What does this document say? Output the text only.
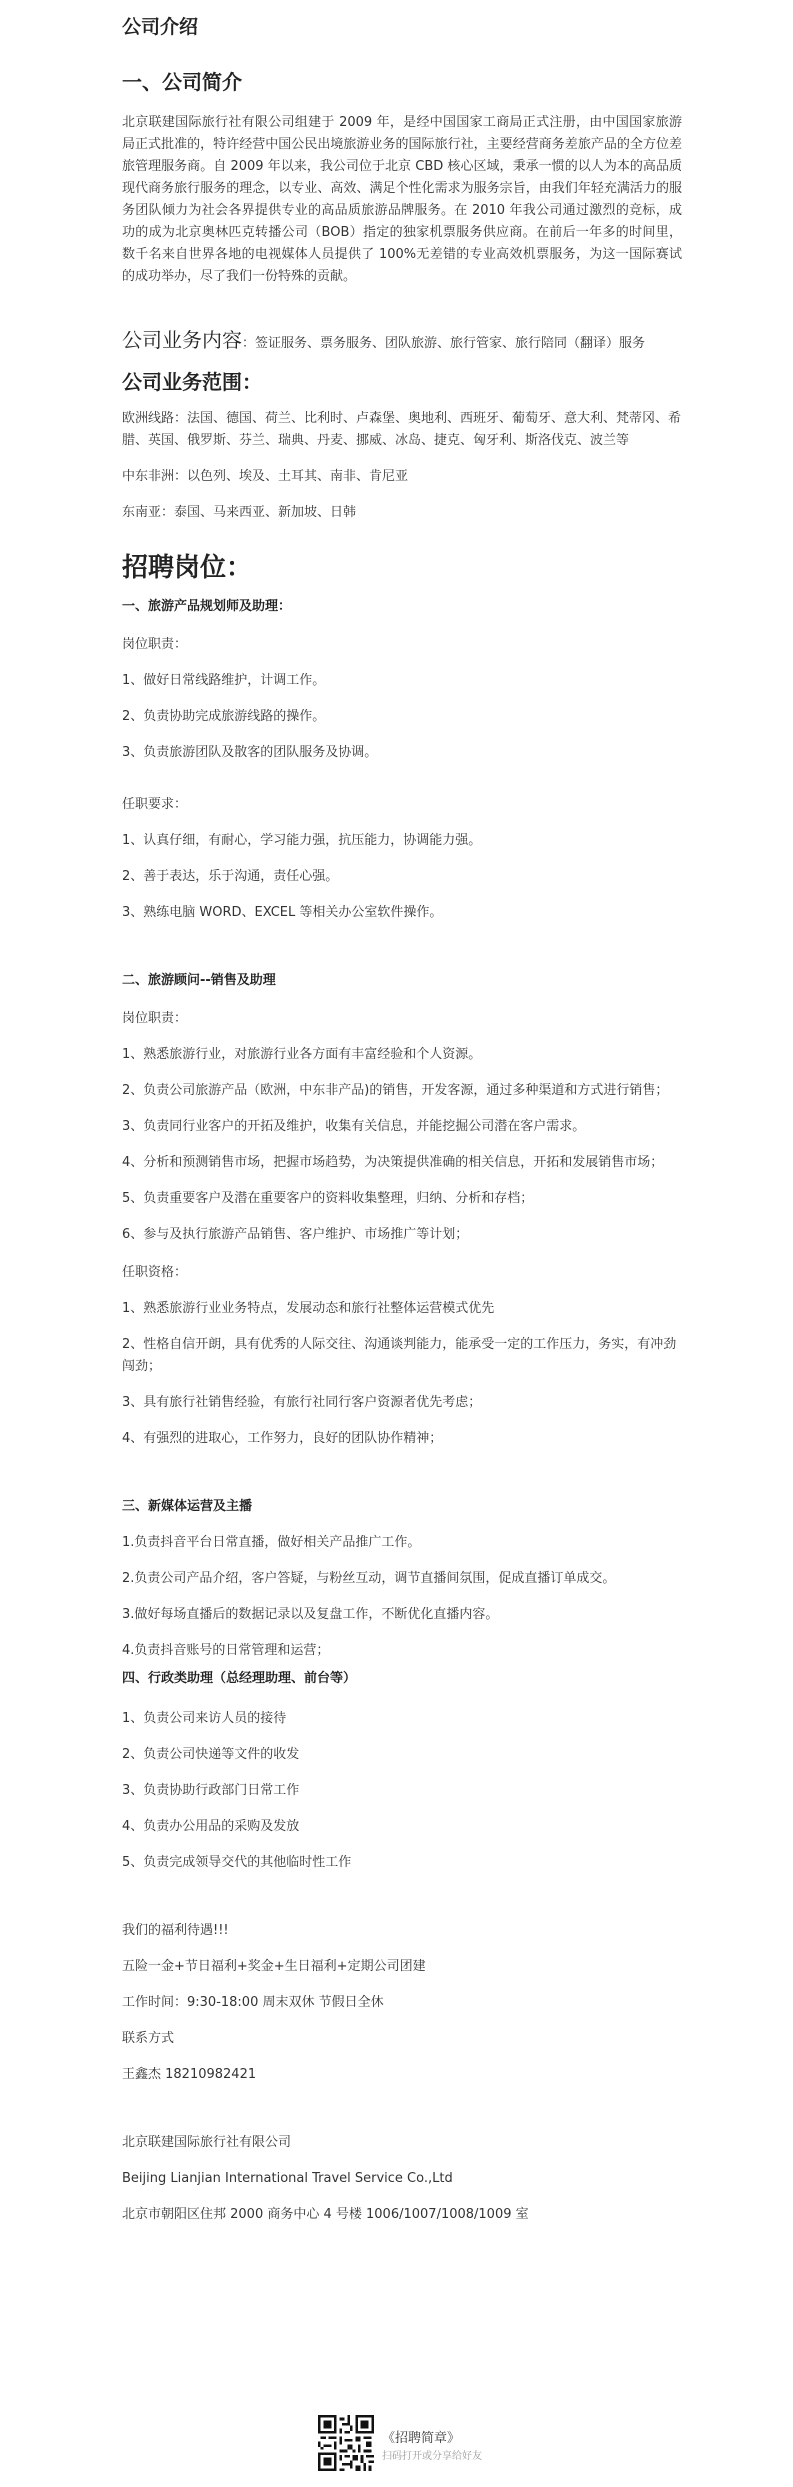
公司介绍
一、公司简介

北京联建国际旅行社有限公司组建于 2009 年，是经中国国家工商局正式注册，由中国国家旅游局正式批准的，特许经营中国公民出境旅游业务的国际旅行社，主要经营商务差旅产品的全方位差旅管理服务商。自 2009 年以来，我公司位于北京 CBD 核心区域，秉承一惯的以人为本的高品质现代商务旅行服务的理念，以专业、高效、满足个性化需求为服务宗旨，由我们年轻充满活力的服务团队倾力为社会各界提供专业的高品质旅游品牌服务。在 2010 年我公司通过激烈的竞标，成功的成为北京奥林匹克转播公司（BOB）指定的独家机票服务供应商。在前后一年多的时间里，数千名来自世界各地的电视媒体人员提供了 100%无差错的专业高效机票服务，为这一国际赛试的成功举办，尽了我们一份特殊的贡献。

公司业务内容：签证服务、票务服务、团队旅游、旅行管家、旅行陪同（翻译）服务

公司业务范围：

欧洲线路：法国、德国、荷兰、比利时、卢森堡、奥地利、西班牙、葡萄牙、意大利、梵蒂冈、希腊、英国、俄罗斯、芬兰、瑞典、丹麦、挪威、冰岛、捷克、匈牙利、斯洛伐克、波兰等

中东非洲：以色列、埃及、土耳其、南非、肯尼亚

东南亚：泰国、马来西亚、新加坡、日韩

招聘岗位：

一、旅游产品规划师及助理：

岗位职责：

1、做好日常线路维护，计调工作。

2、负责协助完成旅游线路的操作。

3、负责旅游团队及散客的团队服务及协调。

任职要求：

1、认真仔细，有耐心，学习能力强，抗压能力，协调能力强。

2、善于表达，乐于沟通，责任心强。

3、熟练电脑 WORD、EXCEL 等相关办公室软件操作。

二、旅游顾问--销售及助理

岗位职责：

1、熟悉旅游行业，对旅游行业各方面有丰富经验和个人资源。

2、负责公司旅游产品（欧洲，中东非产品)的销售，开发客源，通过多种渠道和方式进行销售；

3、负责同行业客户的开拓及维护，收集有关信息，并能挖掘公司潜在客户需求。

4、分析和预测销售市场，把握市场趋势，为决策提供准确的相关信息，开拓和发展销售市场；

5、负责重要客户及潜在重要客户的资料收集整理，归纳、分析和存档；

6、参与及执行旅游产品销售、客户维护、市场推广等计划；

任职资格：

1、熟悉旅游行业业务特点，发展动态和旅行社整体运营模式优先

2、性格自信开朗，具有优秀的人际交往、沟通谈判能力，能承受一定的工作压力，务实，有冲劲闯劲；

3、具有旅行社销售经验，有旅行社同行客户资源者优先考虑；

4、有强烈的进取心，工作努力，良好的团队协作精神；

三、新媒体运营及主播

1.负责抖音平台日常直播，做好相关产品推广工作。

2.负责公司产品介绍，客户答疑，与粉丝互动，调节直播间氛围，促成直播订单成交。

3.做好每场直播后的数据记录以及复盘工作，不断优化直播内容。

4.负责抖音账号的日常管理和运营；

四、行政类助理（总经理助理、前台等）

1、负责公司来访人员的接待

2、负责公司快递等文件的收发

3、负责协助行政部门日常工作

4、负责办公用品的采购及发放

5、负责完成领导交代的其他临时性工作

我们的福利待遇!!!

五险一金+节日福利+奖金+生日福利+定期公司团建

工作时间：9:30-18:00 周末双休 节假日全休

联系方式

王鑫杰 18210982421

北京联建国际旅行社有限公司

Beijing Lianjian International Travel Service Co.,Ltd

北京市朝阳区住邦 2000 商务中心 4 号楼 1006/1007/1008/1009 室

《招聘简章》
扫码打开或分享给好友
